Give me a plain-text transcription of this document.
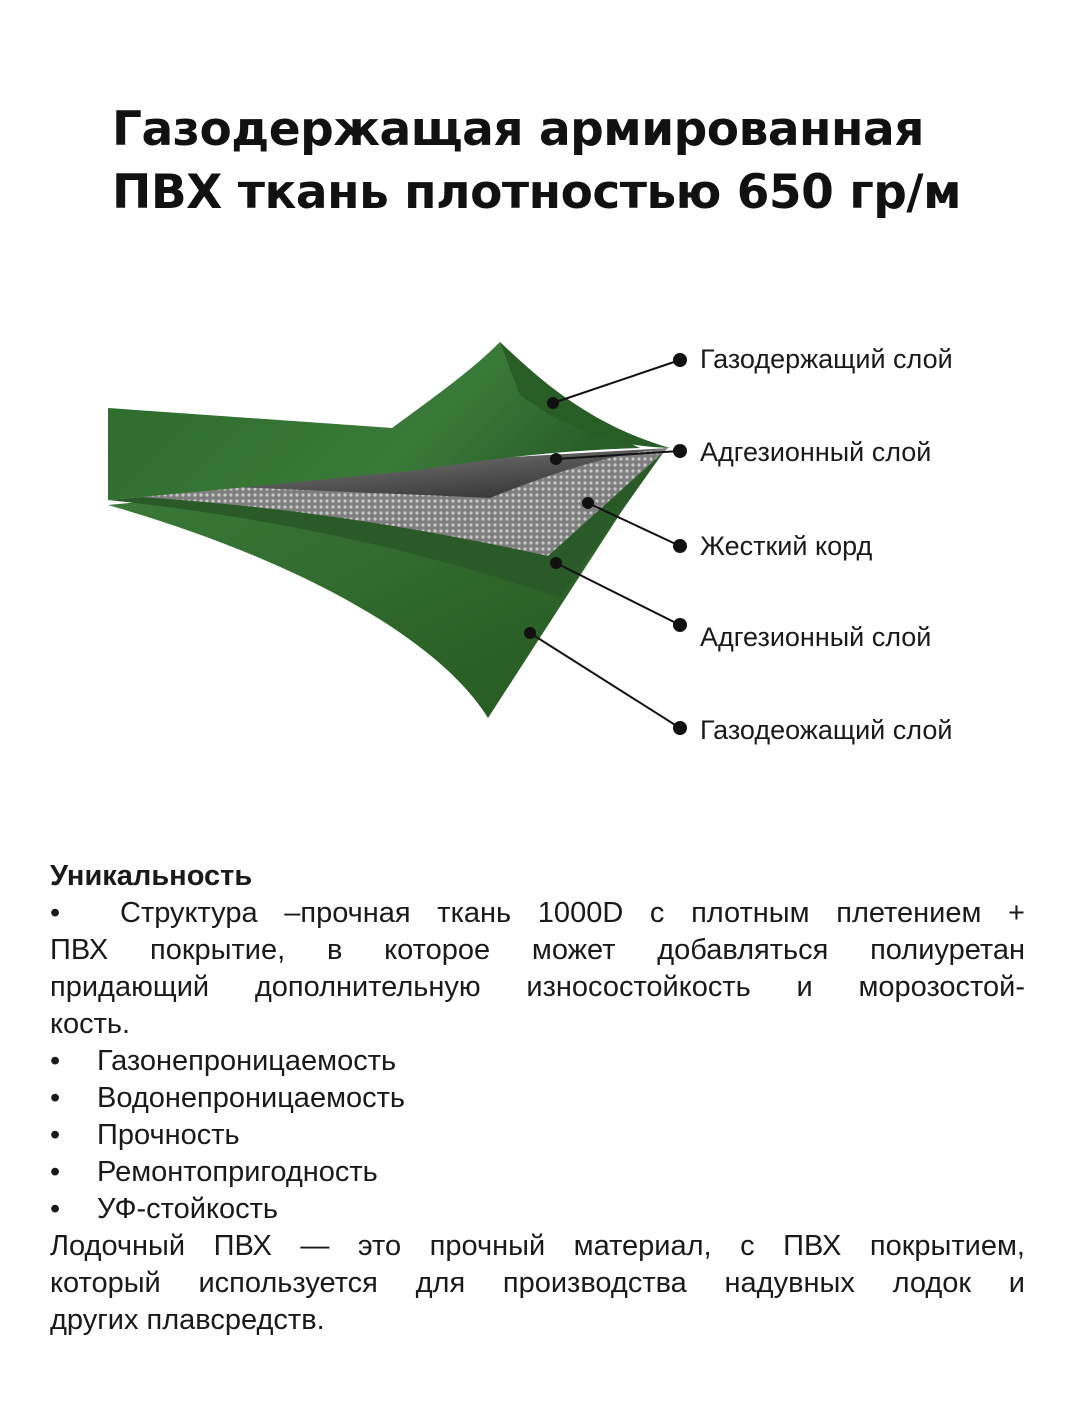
Газодержащая армированная
ПВХ ткань плотностью 650 гр/м
Газодержащий слой
Адгезионный слой
Жесткий корд
Адгезионный слой
Газодеожащий слой
Уникальность
•	Структура –прочная ткань 1000D с плотным плетением +
ПВХ покрытие, в которое может добавляться полиуретан
придающий дополнительную износостойкость и морозостой-
кость.
•	Газонепроницаемость
•	Водонепроницаемость
•	Прочность
•	Ремонтопригодность
•	УФ-стойкость
Лодочный ПВХ — это прочный материал, с ПВХ покрытием,
который используется для производства надувных лодок и
других плавсредств.
